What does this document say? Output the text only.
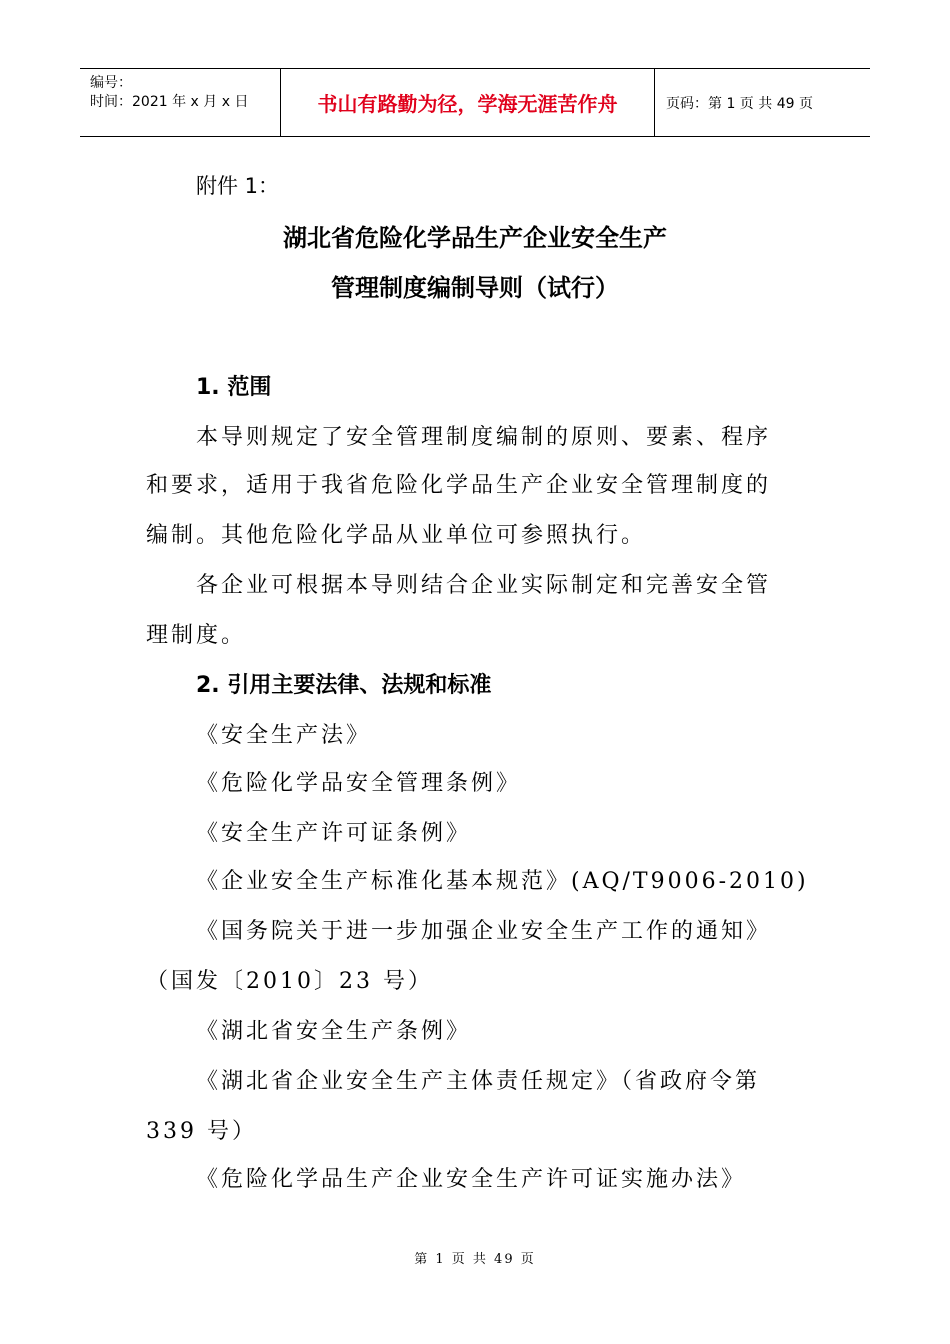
编号：
时间：2021 年 x 月 x 日	书山有路勤为径，学海无涯苦作舟	页码：第 1 页 共 49 页
附件 1：
湖北省危险化学品生产企业安全生产
管理制度编制导则（试行）
1. 范围
本导则规定了安全管理制度编制的原则、要素、程序
和要求，适用于我省危险化学品生产企业安全管理制度的
编制。其他危险化学品从业单位可参照执行。
各企业可根据本导则结合企业实际制定和完善安全管
理制度。
2. 引用主要法律、法规和标准
《安全生产法》
《危险化学品安全管理条例》
《安全生产许可证条例》
《企业安全生产标准化基本规范》(AQ/T9006-2010)
《国务院关于进一步加强企业安全生产工作的通知》
（国发〔2010〕23 号）
《湖北省安全生产条例》
《湖北省企业安全生产主体责任规定》（省政府令第
339 号）
《危险化学品生产企业安全生产许可证实施办法》
第 1 页 共 49 页
